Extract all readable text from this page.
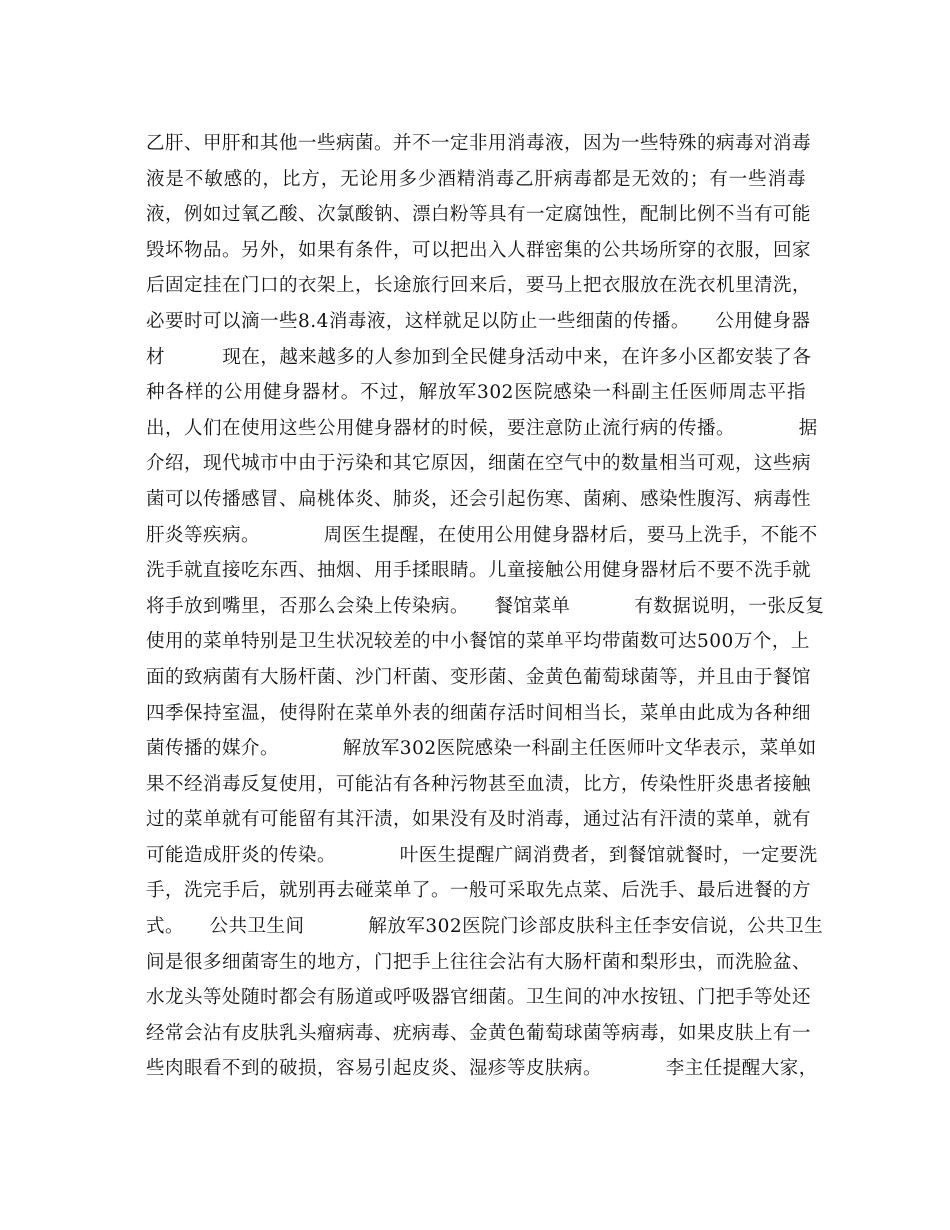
乙肝、甲肝和其他一些病菌。并不一定非用消毒液，因为一些特殊的病毒对消毒
液是不敏感的，比方，无论用多少酒精消毒乙肝病毒都是无效的；有一些消毒
液，例如过氧乙酸、次氯酸钠、漂白粉等具有一定腐蚀性，配制比例不当有可能
毁坏物品。另外，如果有条件，可以把出入人群密集的公共场所穿的衣服，回家
后固定挂在门口的衣架上，长途旅行回来后，要马上把衣服放在洗衣机里清洗，
必要时可以滴一些8.4消毒液，这样就足以防止一些细菌的传播。    公用健身器
材         现在，越来越多的人参加到全民健身活动中来，在许多小区都安装了各
种各样的公用健身器材。不过，解放军302医院感染一科副主任医师周志平指
出，人们在使用这些公用健身器材的时候，要注意防止流行病的传播。          据
介绍，现代城市中由于污染和其它原因，细菌在空气中的数量相当可观，这些病
菌可以传播感冒、扁桃体炎、肺炎，还会引起伤寒、菌痢、感染性腹泻、病毒性
肝炎等疾病。          周医生提醒，在使用公用健身器材后，要马上洗手，不能不
洗手就直接吃东西、抽烟、用手揉眼睛。儿童接触公用健身器材后不要不洗手就
将手放到嘴里，否那么会染上传染病。    餐馆菜单          有数据说明，一张反复
使用的菜单特别是卫生状况较差的中小餐馆的菜单平均带菌数可达500万个，上
面的致病菌有大肠杆菌、沙门杆菌、变形菌、金黄色葡萄球菌等，并且由于餐馆
四季保持室温，使得附在菜单外表的细菌存活时间相当长，菜单由此成为各种细
菌传播的媒介。          解放军302医院感染一科副主任医师叶文华表示，菜单如
果不经消毒反复使用，可能沾有各种污物甚至血渍，比方，传染性肝炎患者接触
过的菜单就有可能留有其汗渍，如果没有及时消毒，通过沾有汗渍的菜单，就有
可能造成肝炎的传染。          叶医生提醒广阔消费者，到餐馆就餐时，一定要洗
手，洗完手后，就别再去碰菜单了。一般可采取先点菜、后洗手、最后进餐的方
式。    公共卫生间          解放军302医院门诊部皮肤科主任李安信说，公共卫生
间是很多细菌寄生的地方，门把手上往往会沾有大肠杆菌和梨形虫，而洗脸盆、
水龙头等处随时都会有肠道或呼吸器官细菌。卫生间的冲水按钮、门把手等处还
经常会沾有皮肤乳头瘤病毒、疣病毒、金黄色葡萄球菌等病毒，如果皮肤上有一
些肉眼看不到的破损，容易引起皮炎、湿疹等皮肤病。          李主任提醒大家，
